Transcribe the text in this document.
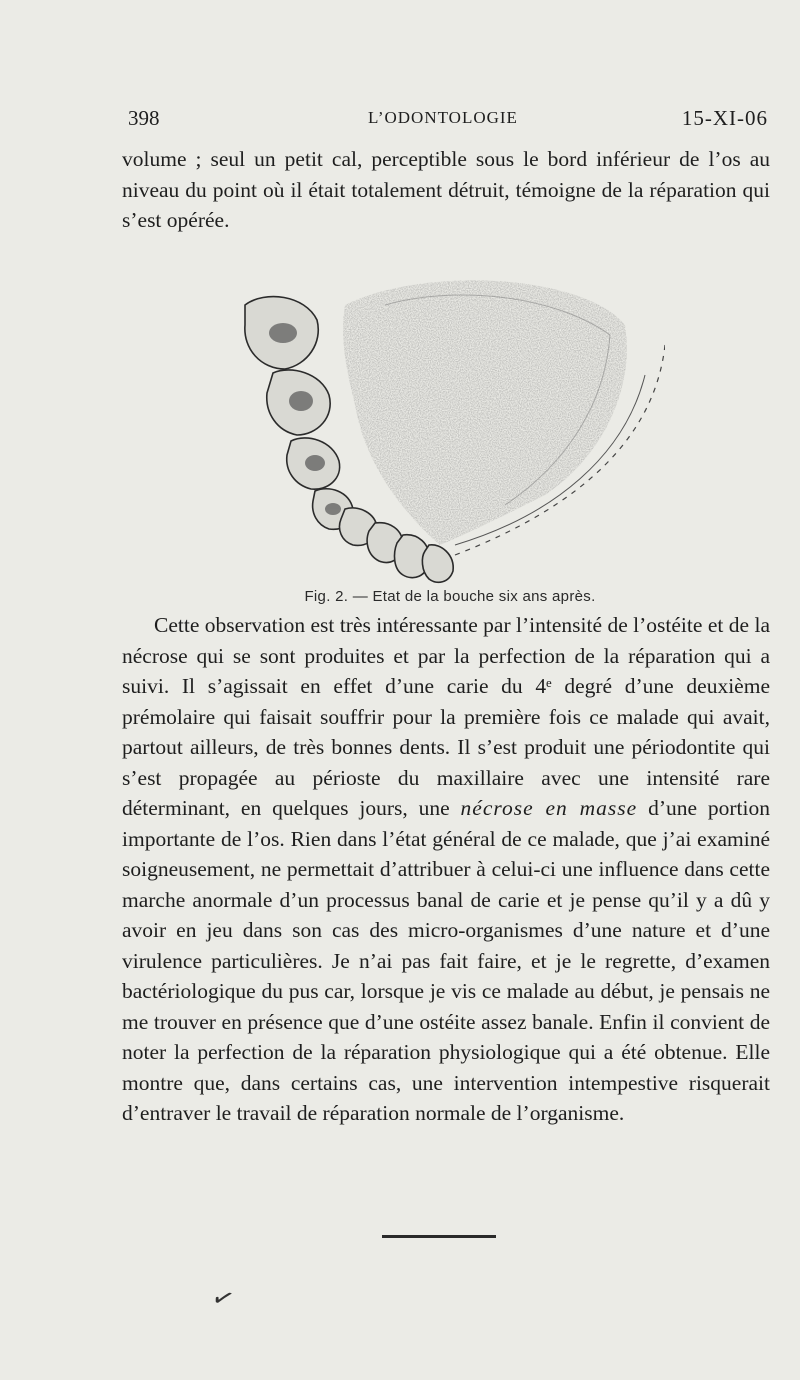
398	L’ODONTOLOGIE	15-XI-06

volume ; seul un petit cal, perceptible sous le bord inférieur de l’os au niveau du point où il était totalement détruit, témoigne de la réparation qui s’est opérée.

Fig. 2. — Etat de la bouche six ans après.

Cette observation est très intéressante par l’intensité de l’ostéite et de la nécrose qui se sont produites et par la perfection de la réparation qui a suivi. Il s’agissait en effet d’une carie du 4ᵉ degré d’une deuxième prémolaire qui faisait souffrir pour la première fois ce malade qui avait, partout ailleurs, de très bonnes dents. Il s’est produit une périodontite qui s’est propagée au périoste du maxillaire avec une intensité rare déterminant, en quelques jours, une nécrose en masse d’une portion importante de l’os. Rien dans l’état général de ce malade, que j’ai examiné soigneusement, ne permettait d’attribuer à celui-ci une influence dans cette marche anormale d’un processus banal de carie et je pense qu’il y a dû y avoir en jeu dans son cas des micro-organismes d’une nature et d’une virulence particulières. Je n’ai pas fait faire, et je le regrette, d’examen bactériologique du pus car, lorsque je vis ce malade au début, je pensais ne me trouver en présence que d’une ostéite assez banale. Enfin il convient de noter la perfection de la réparation physiologique qui a été obtenue. Elle montre que, dans certains cas, une intervention intempestive risquerait d’entraver le travail de réparation normale de l’organisme.

✓
